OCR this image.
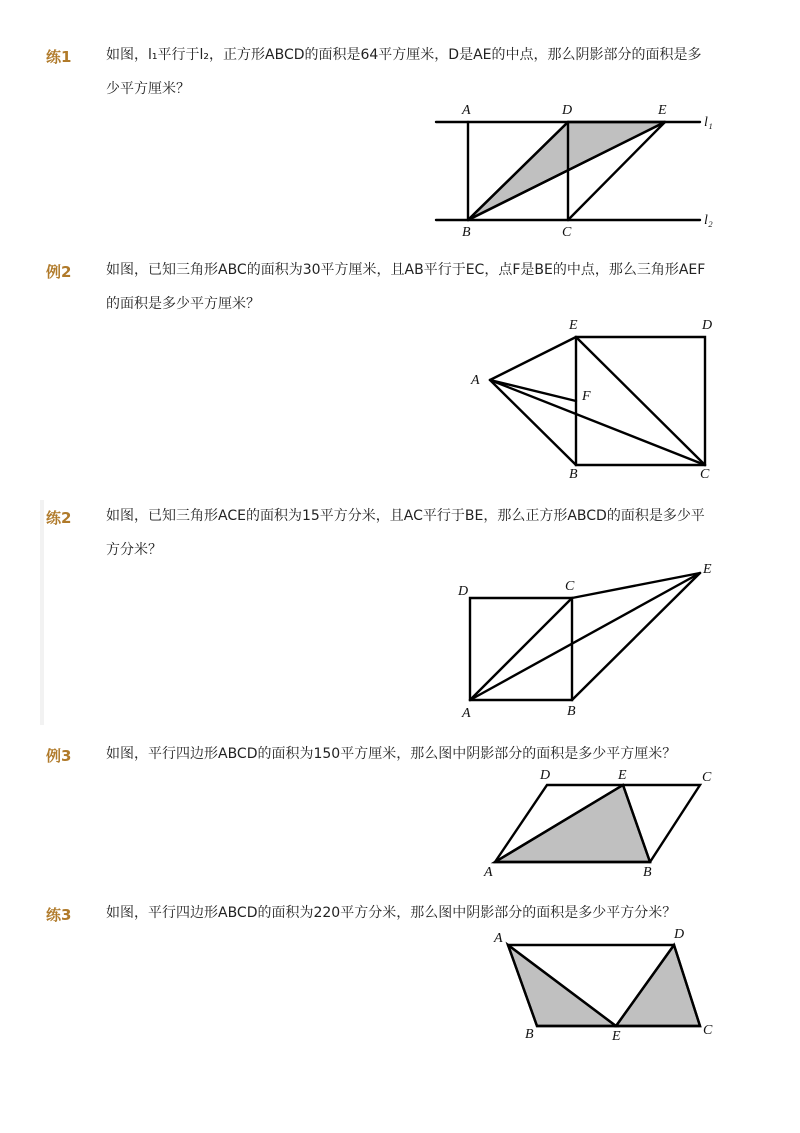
练1 如图，l₁平行于l₂，正方形ABCD的面积是64平方厘米，D是AE的中点，那么阴影部分的面积是多
少平方厘米？
例2 如图，已知三角形ABC的面积为30平方厘米，且AB平行于EC，点F是BE的中点，那么三角形AEF
的面积是多少平方厘米？
练2 如图，已知三角形ACE的面积为15平方分米，且AC平行于BE，那么正方形ABCD的面积是多少平
方分米？
例3 如图，平行四边形ABCD的面积为150平方厘米，那么图中阴影部分的面积是多少平方厘米？
练3 如图，平行四边形ABCD的面积为220平方分米，那么图中阴影部分的面积是多少平方分米？
A	D	E
B	C
l₁
l₂
E	D
A
F
B	C
D	C
E
A	B
D	E	C
A	B
A	D
B	E	C
